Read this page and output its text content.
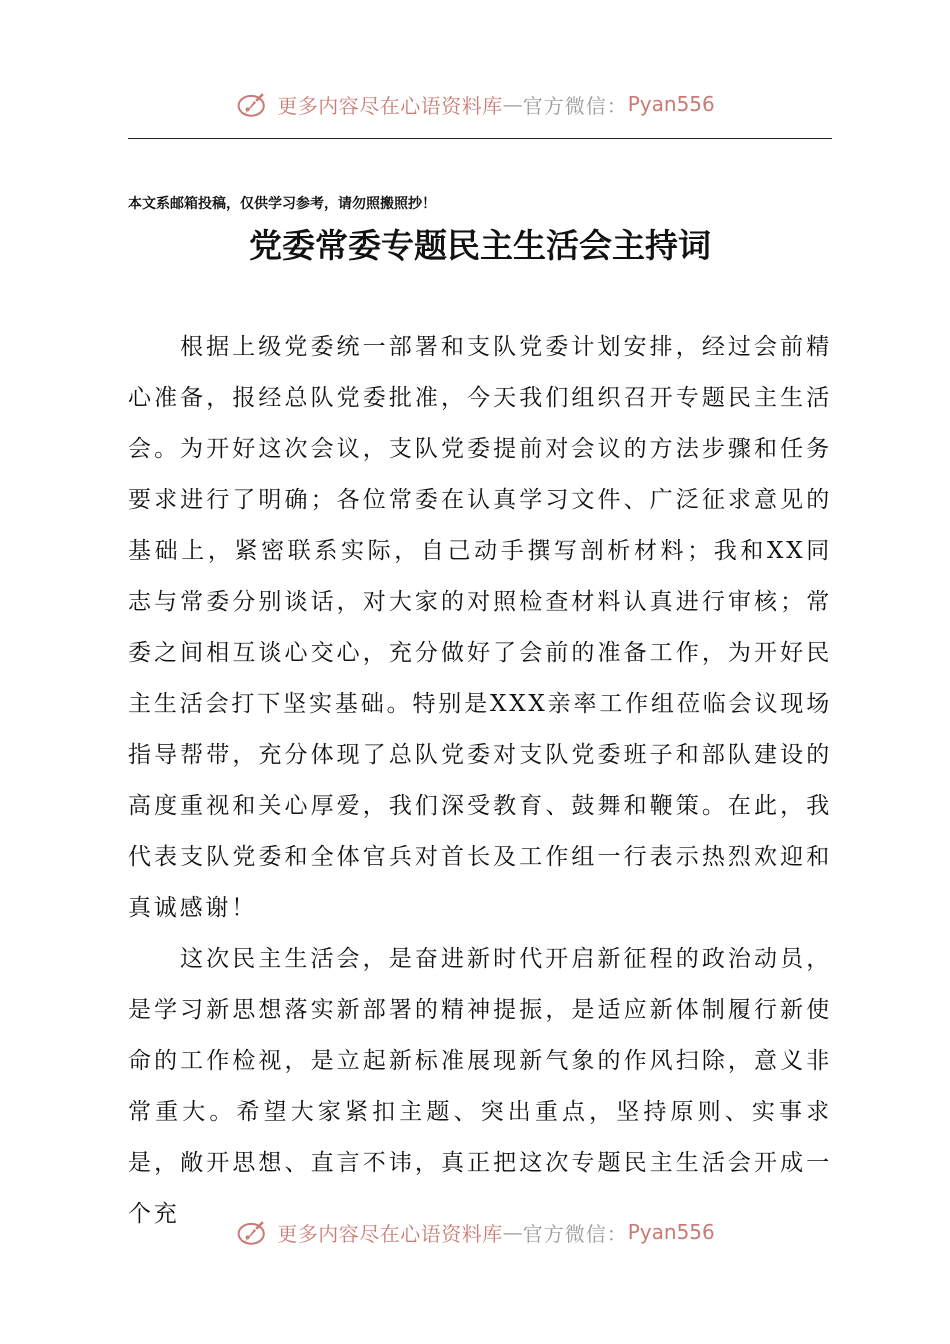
更多内容尽在心语资料库 — 官方微信： Pyan556
本文系邮箱投稿，仅供学习参考，请勿照搬照抄！
党委常委专题民主生活会主持词

根据上级党委统一部署和支队党委计划安排，经过会前精心准备，报经总队党委批准，今天我们组织召开专题民主生活会。为开好这次会议，支队党委提前对会议的方法步骤和任务要求进行了明确；各位常委在认真学习文件、广泛征求意见的基础上，紧密联系实际，自己动手撰写剖析材料；我和XX同志与常委分别谈话，对大家的对照检查材料认真进行审核；常委之间相互谈心交心，充分做好了会前的准备工作，为开好民主生活会打下坚实基础。特别是XXX亲率工作组莅临会议现场指导帮带，充分体现了总队党委对支队党委班子和部队建设的高度重视和关心厚爱，我们深受教育、鼓舞和鞭策。在此，我代表支队党委和全体官兵对首长及工作组一行表示热烈欢迎和真诚感谢！

这次民主生活会，是奋进新时代开启新征程的政治动员，是学习新思想落实新部署的精神提振，是适应新体制履行新使命的工作检视，是立起新标准展现新气象的作风扫除，意义非常重大。希望大家紧扣主题、突出重点，坚持原则、实事求是，敞开思想、直言不讳，真正把这次专题民主生活会开成一个充

更多内容尽在心语资料库 — 官方微信： Pyan556
